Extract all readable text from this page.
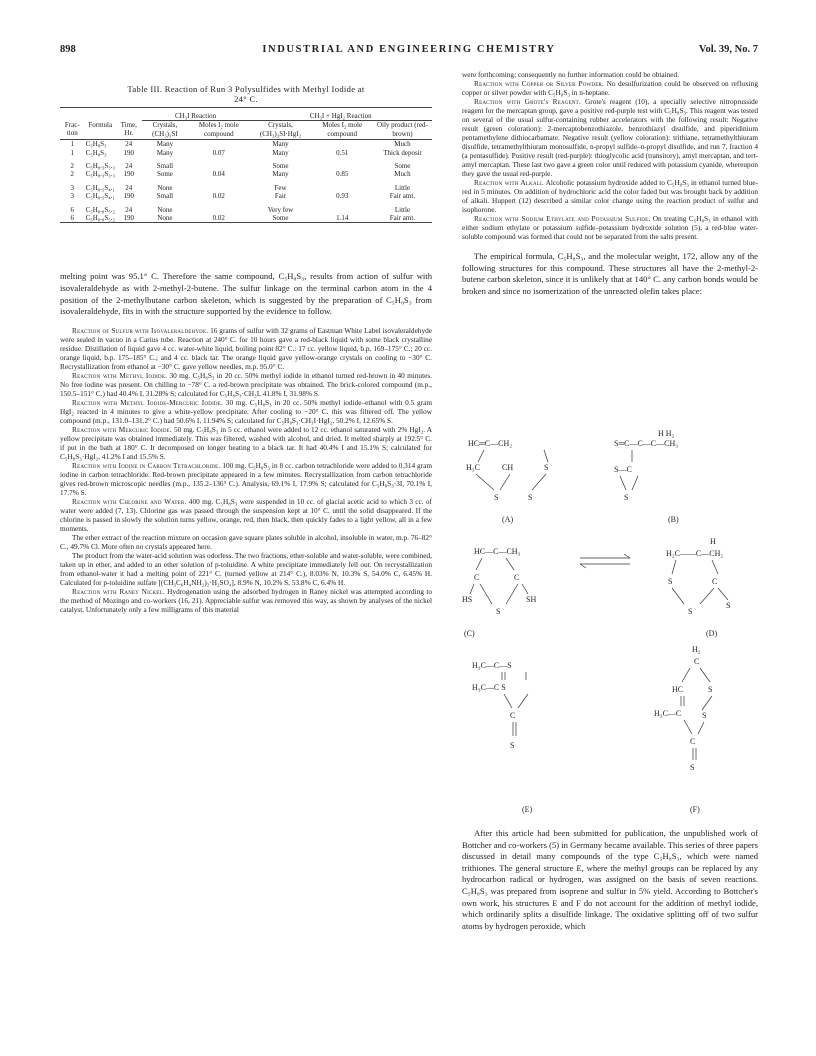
898	INDUSTRIAL AND ENGINEERING CHEMISTRY	Vol. 39, No. 7
Table III. Reaction of Run 3 Polysulfides with Methyl Iodide at
24° C.
			CH₃I Reaction		CH₃I + HgI₂ Reaction		
Frac-tion	Formula	Time, Hr.	Crystals, (CH₃)₃SI	Moles I₂ mole compound	Crystals, (CH₃)₃SI·HgI₂	Moles I₂ mole compound	Oily product (red-brown)
1	C₅H₈S₃	24	Many		Many		Much
1	C₅H₈S₃	190	Many	0.07	Many	0.51	Thick deposit
2	C₅H₈.₃S₃.₃	24	Small		Some		Some
2	C₅H₈.₃S₃.₃	190	Some	0.04	Many	0.85	Much
3	C₅H₈.₅S₄.₁	24	None		Few		Little
3	C₅H₈.₅S₄.₁	190	Small	0.02	Fair	0.93	Fair amt.
6	C₅H₈.₈S₅.₂	24	None		Very few		Little
6	C₅H₈.₈S₅.₂	190	None	0.02	Some	1.14	Fair amt.

melting point was 95.1° C. Therefore the same compound, C₅H₈S₃, results from action of sulfur with isovaleraldehyde as with 2-methyl-2-butene. The sulfur linkage on the terminal carbon atom in the 4 position of the 2-methylbutane carbon skeleton, which is suggested by the preparation of C₅H₈S₃ from isovaleraldehyde, fits in with the structure supported by the evidence to follow.

Reaction of Sulfur with Isovaleraldehyde. 16 grams of sulfur with 32 grams of Eastman White Label isovaleraldehyde were sealed in vacuo in a Carius tube. Reaction at 240° C. for 10 hours gave a red-black liquid with some black crystalline residue. Distillation of liquid gave 4 cc. water-white liquid, boiling point 82° C.: 17 cc. yellow liquid, b.p. 169–175° C.; 20 cc. orange liquid, b.p. 175–185° C.; and 4 cc. black tar. The orange liquid gave yellow-orange crystals on cooling to −30° C. Recrystallization from ethanol at −30° C. gave yellow needles, m.p. 95.0° C.

Reaction with Methyl Iodide. 30 mg. C₅H₈S₃ in 20 cc. 50% methyl iodide in ethanol turned red-brown in 40 minutes. No free iodine was present. On chilling to −78° C. a red-brown precipitate was obtained. The brick-colored compound (m.p., 150.5–151° C.) had 40.4% I, 31.28% S; calculated for C₅H₈S₃·CH₃I, 41.8% I, 31.98% S.

Reaction with Methyl Iodide-Mercuric Iodide. 30 mg. C₅H₈S₃ in 20 cc. 50% methyl iodide–ethanol with 0.5 gram HgI₂ reacted in 4 minutes to give a white-yellow precipitate. After cooling to −20° C. this was filtered off. The yellow compound (m.p., 131.0–131.2° C.) had 50.6% I, 11.94% S; calculated for C₅H₈S₃·CH₃I·HgI₂, 50.2% I, 12.65% S.

Reaction with Mercuric Iodide. 50 mg. C₅H₈S₃ in 5 cc. ethanol were added to 12 cc. ethanol saturated with 2% HgI₂. A yellow precipitate was obtained immediately. This was filtered, washed with alcohol, and dried. It melted sharply at 192.5° C. if put in the bath at 180° C. It decomposed on longer heating to a black tar. It had 40.4% I and 15.1% S; calculated for C₅H₈S₃·HgI₂, 41.2% I and 15.5% S.

Reaction with Iodine in Carbon Tetrachloride. 100 mg. C₅H₈S₃ in 8 cc. carbon tetrachloride were added to 0.314 gram iodine in carbon tetrachloride. Red-brown precipitate appeared in a few minutes. Recrystallization from carbon tetrachloride gives red-brown microscopic needles (m.p., 135.2–136° C.). Analysis, 69.1% I, 17.9% S; calculated for C₅H₈S₃·3I, 70.1% I, 17.7% S.

Reaction with Chlorine and Water. 400 mg. C₅H₈S₃ were suspended in 10 cc. of glacial acetic acid to which 3 cc. of water were added (7, 13). Chlorine gas was passed through the suspension kept at 10° C. until the solid disappeared. If the chlorine is passed in slowly the solution turns yellow, orange, red, then black, then quickly fades to a light yellow, all in a few moments.

The ether extract of the reaction mixture on occasion gave square plates soluble in alcohol, insoluble in water, m.p. 76–82° C., 49.7% Cl. More often no crystals appeared here.

The product from the water-acid solution was odorless. The two fractions, ether-soluble and water-soluble, were combined, taken up in ether, and added to an ether solution of p-toluidine. A white precipitate immediately fell out. On recrystallization from ethanol-water it had a melting point of 221° C. (turned yellow at 214° C.), 8.03% N, 10.3% S, 54.0% C, 6.45% H. Calculated for p-toluidine sulfate [(CH₃C₆H₄NH₂)₂·H₂SO₄], 8.9% N, 10.2% S, 53.8% C, 6.4% H.

Reaction with Raney Nickel. Hydrogenation using the adsorbed hydrogen in Raney nickel was attempted according to the method of Mozingo and co-workers (16, 21). Appreciable sulfur was removed this way, as shown by analyses of the nickel catalyst. Unfortunately only a few milligrams of this material

were forthcoming; consequently no further information could be obtained.

Reaction with Copper or Silver Powder. No desulfurization could be observed on refluxing copper or silver powder with C₅H₈S₃ in n-heptane.

Reaction with Grote's Reagent. Grote's reagent (10), a specially selective nitroprusside reagent for the mercaptan group, gave a positive red-purple test with C₅H₈S₃. This reagent was tested on several of the usual sulfur-containing rubber accelerators with the following result: Negative result (green coloration): 2-mercaptobenzothiazole, benzothiazyl disulfide, and piperidinium pentamethylene dithiocarbamate. Negative result (yellow coloration): trithiane, tetramethylthiuram disulfide, tetramethylthiuram monosulfide, n-propyl sulfide–n-propyl disulfide, and run 7, fraction 4 (a pentasulfide). Positive result (red-purple): thioglycolic acid (transitory), amyl mercaptan, and tert-amyl mercaptan. These last two gave a green color until reduced with potassium cyanide, whereupon they gave the usual red-purple.

Reaction with Alkali. Alcoholic potassium hydroxide added to C₅H₈S₃ in ethanol turned blue-red in 5 minutes. On addition of hydrochloric acid the color faded but was brought back by addition of alkali. Huppert (12) described a similar color change using the reaction product of sulfur and isophorone.

Reaction with Sodium Ethylate and Potassium Sulfide. On treating C₅H₈S₃ in ethanol with either sodium ethylate or potassium sulfide–potassium hydroxide solution (5), a red-blue water-soluble compound was formed that could not be separated from the salts present.

The empirical formula, C₅H₈S₃, and the molecular weight, 172, allow any of the following structures for this compound. These structures all have the 2-methyl-2-butene carbon skeleton, since it is unlikely that at 140° C. any carbon bonds would be broken and since no isomerization of the unreacted olefin takes place:

HC═C—CH₂
H₃C	CH	S
S	S
(A)
H H₂
S═C—C—C—CH₃
S—C
S
(B)
HC—C—CH₃
C	C
HS	SH
S
(C)
H
H₂C——C—CH₂
S	C
S
S
(D)
H₃C—C—S
H₃C—C S
C
S
(E)
H₂
C
HC	S
H₃C—C	S
C
S
(F)

After this article had been submitted for publication, the unpublished work of Bottcher and co-workers (5) in Germany became available. This series of three papers discussed in detail many compounds of the type C₅H₈S₃, which were named trithiones. The general structure E, where the methyl groups can be replaced by any hydrocarbon radical or hydrogen, was assigned on the basis of seven reactions. C₅H₈S₃ was prepared from isoprene and sulfur in 5% yield. According to Bottcher's own work, his structures E and F do not account for the addition of methyl iodide, which ordinarily splits a disulfide linkage. The oxidative splitting off of two sulfur atoms by hydrogen peroxide, which
